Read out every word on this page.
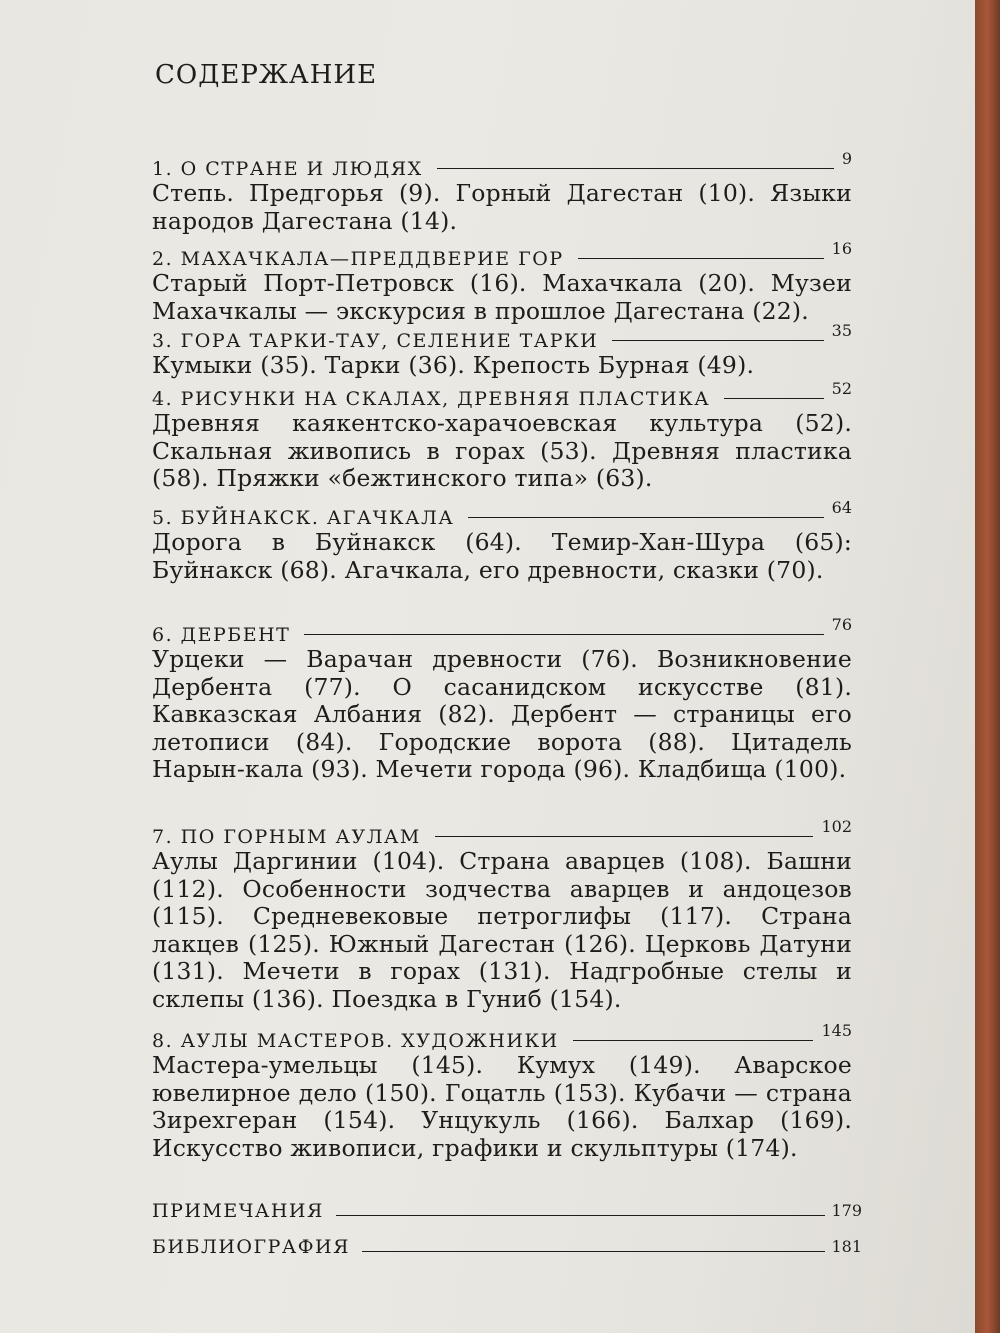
СОДЕРЖАНИЕ
1. О СТРАНЕ И ЛЮДЯХ	9
Степь. Предгорья (9). Горный Дагестан (10). Языки народов Дагестана (14).
2. МАХАЧКАЛА—ПРЕДДВЕРИЕ ГОР	16
Старый Порт-Петровск (16). Махачкала (20). Музеи Махачкалы — экскурсия в прошлое Дагестана (22).
3. ГОРА ТАРКИ-ТАУ, СЕЛЕНИЕ ТАРКИ	35
Кумыки (35). Тарки (36). Крепость Бурная (49).
4. РИСУНКИ НА СКАЛАХ, ДРЕВНЯЯ ПЛАСТИКА	52
Древняя каякентско-харачоевская культура (52). Скальная живопись в горах (53). Древняя пластика (58). Пряжки «бежтинского типа» (63).
5. БУЙНАКСК. АГАЧКАЛА	64
Дорога в Буйнакск (64). Темир-Хан-Шура (65): Буйнакск (68). Агачкала, его древности, сказки (70).
6. ДЕРБЕНТ	76
Урцеки — Варачан древности (76). Возникновение Дербента (77). О сасанидском искусстве (81). Кавказская Албания (82). Дербент — страницы его летописи (84). Городские ворота (88). Цитадель Нарын-кала (93). Мечети города (96). Кладбища (100).
7. ПО ГОРНЫМ АУЛАМ	102
Аулы Даргинии (104). Страна аварцев (108). Башни (112). Особенности зодчества аварцев и андоцезов (115). Средневековые петроглифы (117). Страна лакцев (125). Южный Дагестан (126). Церковь Датуни (131). Мечети в горах (131). Надгробные стелы и склепы (136). Поездка в Гуниб (154).
8. АУЛЫ МАСТЕРОВ. ХУДОЖНИКИ	145
Мастера-умельцы (145). Кумух (149). Аварское ювелирное дело (150). Гоцатль (153). Кубачи — страна Зирехгеран (154). Унцукуль (166). Балхар (169). Искусство живописи, графики и скульптуры (174).
ПРИМЕЧАНИЯ	179
БИБЛИОГРАФИЯ	181
